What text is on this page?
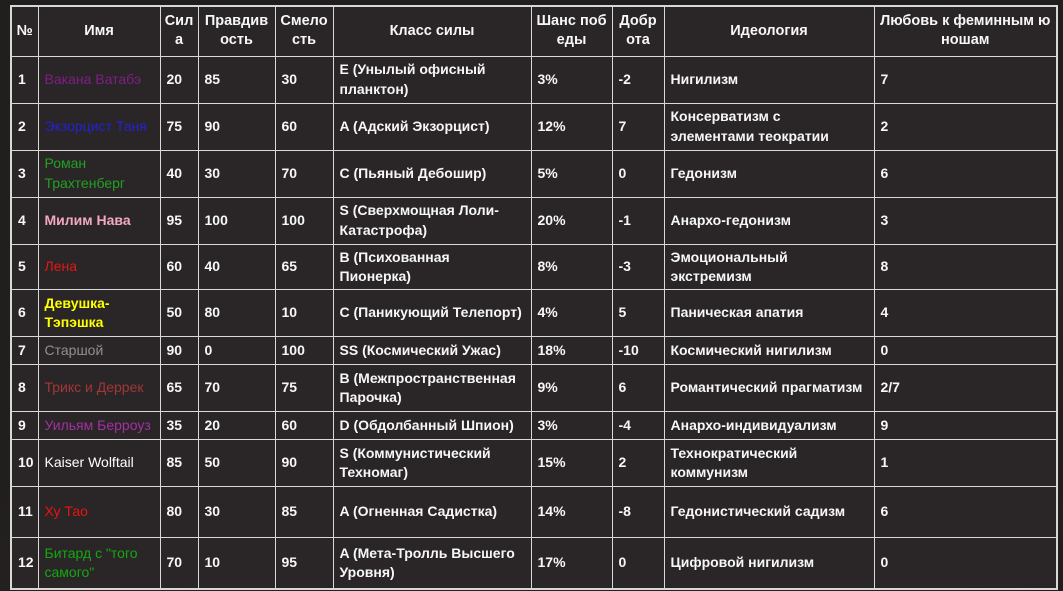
№	Имя	Сила	Правдивость	Смелость	Класс силы	Шанс победы	Доброта	Идеология	Любовь к феминным юношам
1	Вакана Ватабэ	20	85	30	E (Унылый офисный планктон)	3%	-2	Нигилизм	7
2	Экзорцист Таня	75	90	60	A (Адский Экзорцист)	12%	7	Консерватизм с элементами теократии	2
3	Роман Трахтенберг	40	30	70	C (Пьяный Дебошир)	5%	0	Гедонизм	6
4	Милим Нава	95	100	100	S (Сверхмощная Лоли-Катастрофа)	20%	-1	Анархо-гедонизм	3
5	Лена	60	40	65	B (Психованная Пионерка)	8%	-3	Эмоциональный экстремизм	8
6	Девушка-Тэпэшка	50	80	10	C (Паникующий Телепорт)	4%	5	Паническая апатия	4
7	Старшой	90	0	100	SS (Космический Ужас)	18%	-10	Космический нигилизм	0
8	Трикс и Деррек	65	70	75	B (Межпространственная Парочка)	9%	6	Романтический прагматизм	2/7
9	Уильям Берроуз	35	20	60	D (Обдолбанный Шпион)	3%	-4	Анархо-индивидуализм	9
10	Kaiser Wolftail	85	50	90	S (Коммунистический Техномаг)	15%	2	Технократический коммунизм	1
11	Ху Тао	80	30	85	A (Огненная Садистка)	14%	-8	Гедонистический садизм	6
12	Битард с "того самого"	70	10	95	A (Мета-Тролль Высшего Уровня)	17%	0	Цифровой нигилизм	0
